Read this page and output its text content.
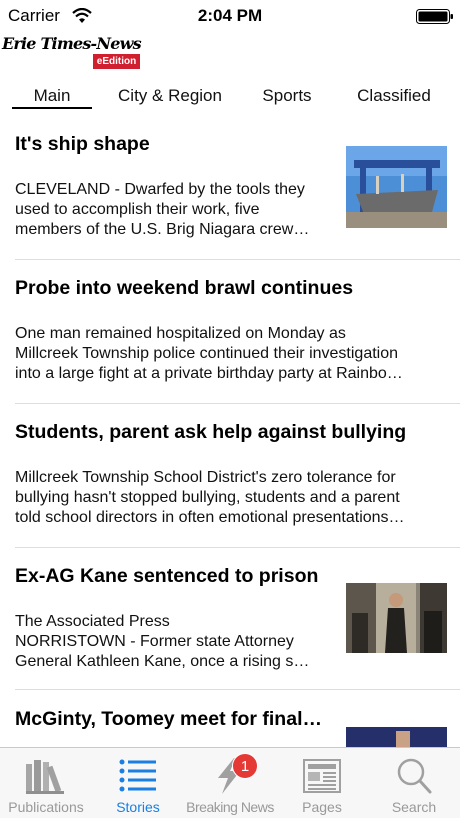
Carrier	2:04 PM
Erie Times-News
eEdition
Main	City & Region	Sports	Classified
It's ship shape
CLEVELAND - Dwarfed by the tools they
used to accomplish their work, five
members of the U.S. Brig Niagara crew…
Probe into weekend brawl continues
One man remained hospitalized on Monday as
Millcreek Township police continued their investigation
into a large fight at a private birthday party at Rainbo…
Students, parent ask help against bullying
Millcreek Township School District's zero tolerance for
bullying hasn't stopped bullying, students and a parent
told school directors in often emotional presentations…
Ex-AG Kane sentenced to prison
The Associated Press
NORRISTOWN - Former state Attorney
General Kathleen Kane, once a rising s…
McGinty, Toomey meet for final…
Publications	Stories
1
Breaking News	Pages	Search
